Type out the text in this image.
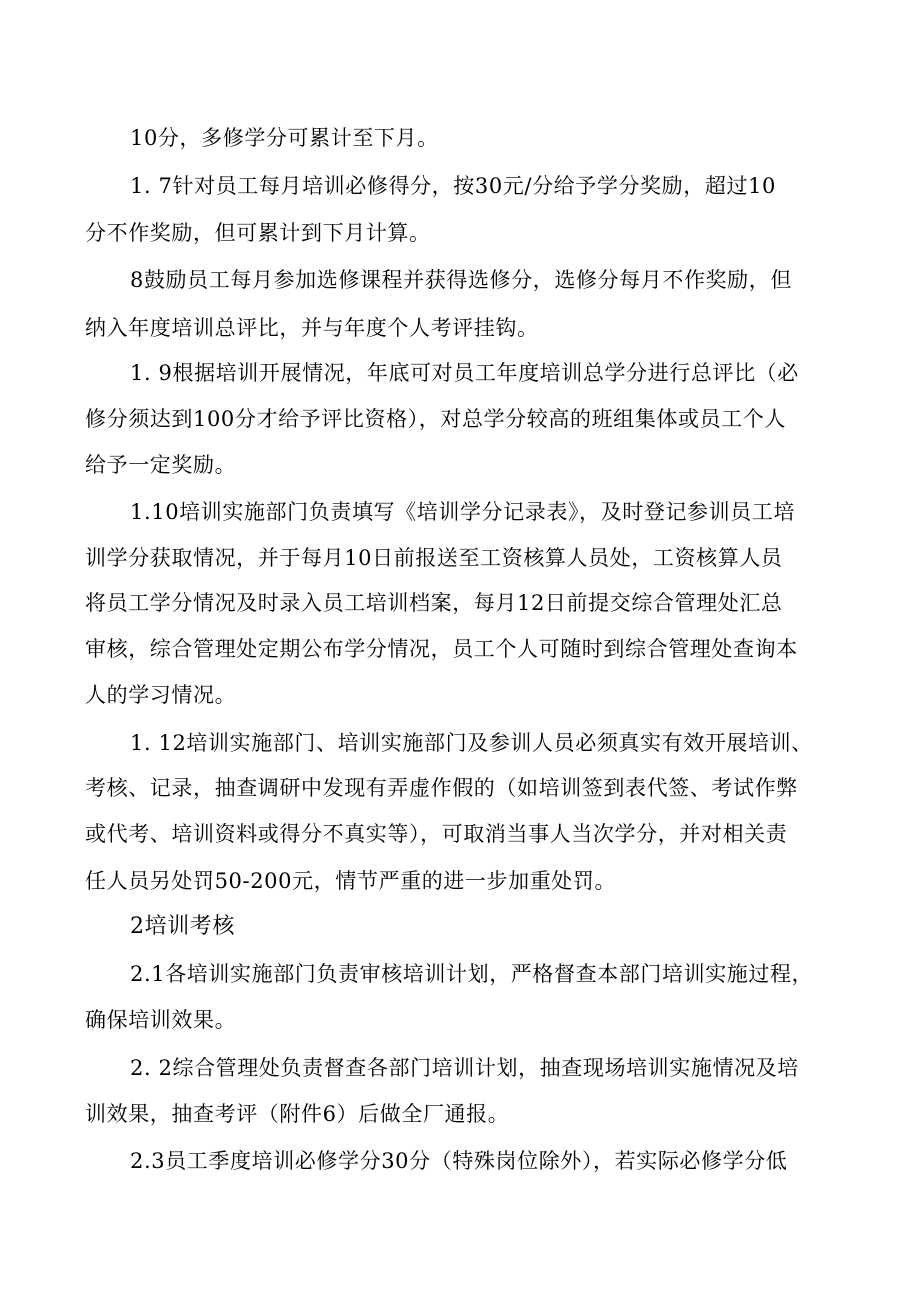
10分，多修学分可累计至下月。
1. 7针对员工每月培训必修得分，按30元/分给予学分奖励，超过10
分不作奖励，但可累计到下月计算。
8鼓励员工每月参加选修课程并获得选修分，选修分每月不作奖励，但
纳入年度培训总评比，并与年度个人考评挂钩。
1. 9根据培训开展情况，年底可对员工年度培训总学分进行总评比（必
修分须达到100分才给予评比资格），对总学分较高的班组集体或员工个人
给予一定奖励。
1.10培训实施部门负责填写《培训学分记录表》，及时登记参训员工培
训学分获取情况，并于每月10日前报送至工资核算人员处，工资核算人员
将员工学分情况及时录入员工培训档案，每月12日前提交综合管理处汇总
审核，综合管理处定期公布学分情况，员工个人可随时到综合管理处查询本
人的学习情况。
1. 12培训实施部门、培训实施部门及参训人员必须真实有效开展培训、
考核、记录，抽查调研中发现有弄虚作假的（如培训签到表代签、考试作弊
或代考、培训资料或得分不真实等），可取消当事人当次学分，并对相关责
任人员另处罚50-200元，情节严重的进一步加重处罚。
2培训考核
2.1各培训实施部门负责审核培训计划，严格督查本部门培训实施过程，
确保培训效果。
2. 2综合管理处负责督查各部门培训计划，抽查现场培训实施情况及培
训效果，抽查考评（附件6）后做全厂通报。
2.3员工季度培训必修学分30分（特殊岗位除外），若实际必修学分低
